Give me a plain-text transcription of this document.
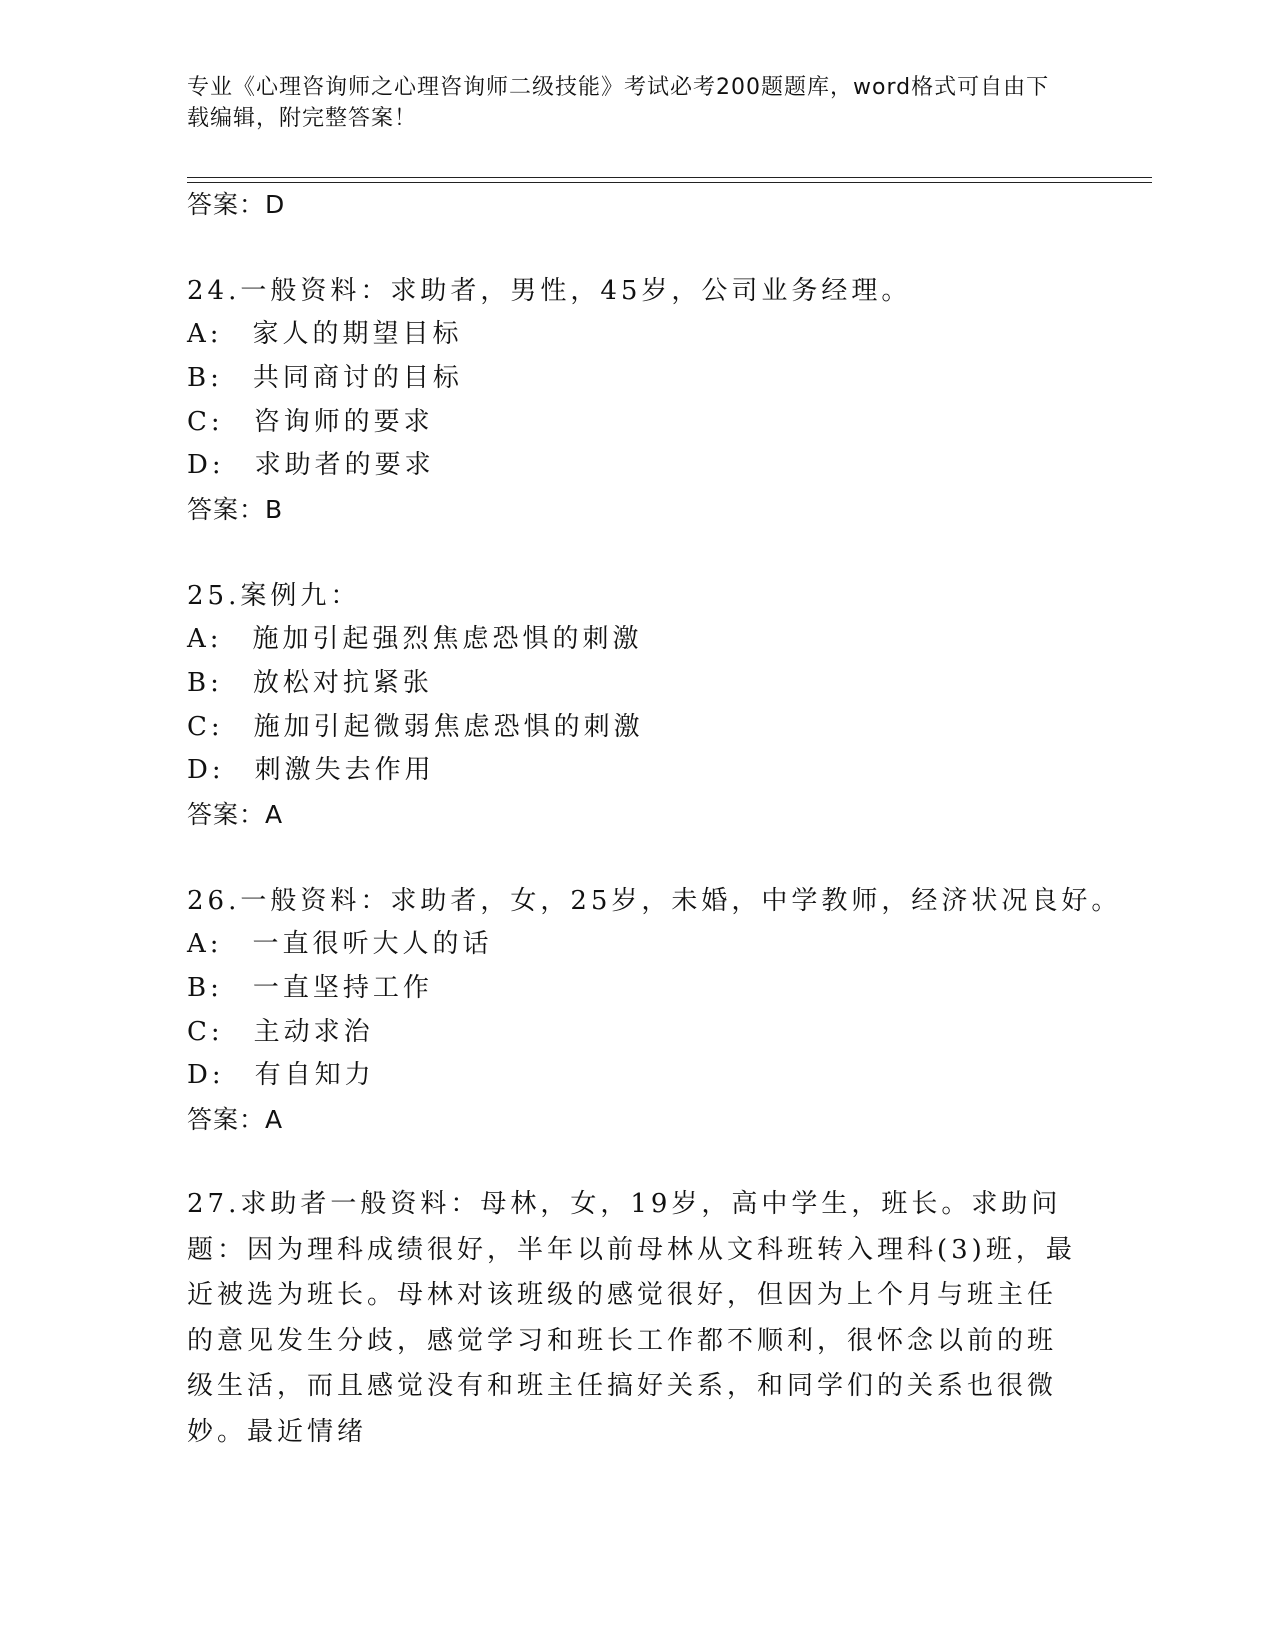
专业《心理咨询师之心理咨询师二级技能》考试必考200题题库，word格式可自由下载编辑，附完整答案！
答案：D
24.一般资料：求助者，男性，45岁，公司业务经理。
A:　家人的期望目标
B:　共同商讨的目标
C:　咨询师的要求
D:　求助者的要求
答案：B
25.案例九：
A:　施加引起强烈焦虑恐惧的刺激
B:　放松对抗紧张
C:　施加引起微弱焦虑恐惧的刺激
D:　刺激失去作用
答案：A
26.一般资料：求助者，女，25岁，未婚，中学教师，经济状况良好。
A:　一直很听大人的话
B:　一直坚持工作
C:　主动求治
D:　有自知力
答案：A
27.求助者一般资料：母林，女，19岁，高中学生，班长。求助问题：因为理科成绩很好，半年以前母林从文科班转入理科(3)班，最近被选为班长。母林对该班级的感觉很好，但因为上个月与班主任的意见发生分歧，感觉学习和班长工作都不顺利，很怀念以前的班级生活，而且感觉没有和班主任搞好关系，和同学们的关系也很微妙。最近情绪
